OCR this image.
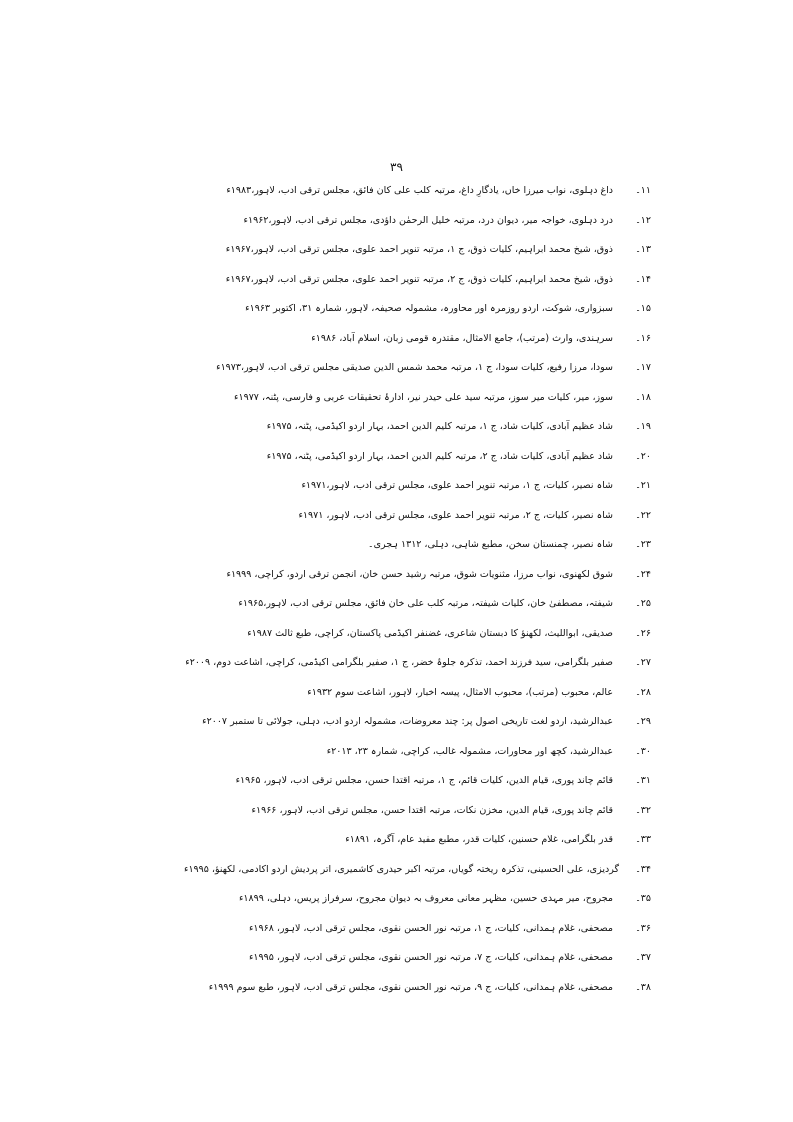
۳۹
۱۱۔
داغ دہلوی، نواب میرزا خاں، یادگارِ داغ، مرتبہ کلب علی کان فائق، مجلس ترقی ادب، لاہور،۱۹۸۳ء
۱۲۔
درد دہلوی، خواجہ میر، دیوان درد، مرتبہ خلیل الرحمٰن داؤدی، مجلس ترقی ادب، لاہور،۱۹۶۲ء
۱۳۔
ذوق، شیخ محمد ابراہیم، کلیات ذوق، ج ۱، مرتبہ تنویر احمد علوی، مجلس ترقی ادب، لاہور،۱۹۶۷ء
۱۴۔
ذوق، شیخ محمد ابراہیم، کلیات ذوق، ج ۲، مرتبہ تنویر احمد علوی، مجلس ترقی ادب، لاہور،۱۹۶۷ء
۱۵۔
سبزواری، شوکت، اردو روزمرہ اور محاورہ، مشمولہ صحیفہ، لاہور، شمارہ ۳۱، اکتوبر ۱۹۶۳ء
۱۶۔
سرہندی، وارث (مرتب)، جامع الامثال، مقتدرہ قومی زبان، اسلام آباد، ۱۹۸۶ء
۱۷۔
سودا، مرزا رفیع، کلیات سودا، ج ۱، مرتبہ محمد شمس الدین صدیقی مجلس ترقی ادب، لاہور،۱۹۷۳ء
۱۸۔
سوز، میر، کلیات میر سوز، مرتبہ سید علی حیدر نیر، ادارۂ تحقیقات عربی و فارسی، پٹنہ، ۱۹۷۷ء
۱۹۔
شاد عظیم آبادی، کلیات شاد، ج ۱، مرتبہ کلیم الدین احمد، بہار اردو اکیڈمی، پٹنہ، ۱۹۷۵ء
۲۰۔
شاد عظیم آبادی، کلیات شاد، ج ۲، مرتبہ کلیم الدین احمد، بہار اردو اکیڈمی، پٹنہ، ۱۹۷۵ء
۲۱۔
شاہ نصیر، کلیات، ج ۱، مرتبہ تنویر احمد علوی، مجلس ترقی ادب، لاہور،۱۹۷۱ء
۲۲۔
شاہ نصیر، کلیات، ج ۲، مرتبہ تنویر احمد علوی، مجلس ترقی ادب، لاہور، ۱۹۷۱ء
۲۳۔
شاہ نصیر، چمنستان سخن، مطبع شاہی، دہلی، ۱۳۱۲ ہجری۔
۲۴۔
شوق لکھنوی، نواب مرزا، مثنویات شوق، مرتبہ رشید حسن خان، انجمن ترقی اردو، کراچی، ۱۹۹۹ء
۲۵۔
شیفتہ، مصطفیٰ خان، کلیات شیفتہ، مرتبہ کلب علی خان فائق، مجلس ترقی ادب، لاہور،۱۹۶۵ء
۲۶۔
صدیقی، ابواللیث، لکھنؤ کا دبستان شاعری، غضنفر اکیڈمی پاکستان، کراچی، طبع ثالث ۱۹۸۷ء
۲۷۔
صفیر بلگرامی، سید فرزند احمد، تذکرہ جلوۂ خضر، ج ۱، صفیر بلگرامی اکیڈمی، کراچی، اشاعت دوم، ۲۰۰۹ء
۲۸۔
عالم، محبوب (مرتب)، محبوب الامثال، پیسہ اخبار، لاہور، اشاعت سوم ۱۹۳۲ء
۲۹۔
عبدالرشید، اردو لغت تاریخی اصول پر: چند معروضات، مشمولہ اردو ادب، دہلی، جولائی تا ستمبر ۲۰۰۷ء
۳۰۔
عبدالرشید، کچھ اور محاورات، مشمولہ غالب، کراچی، شمارہ ۲۳، ۲۰۱۳ء
۳۱۔
قائم چاند پوری، قیام الدین، کلیات قائم، ج ۱، مرتبہ اقتدا حسن، مجلس ترقی ادب، لاہور، ۱۹۶۵ء
۳۲۔
قائم چاند پوری، قیام الدین، مخزن نکات، مرتبہ اقتدا حسن، مجلس ترقی ادب، لاہور، ۱۹۶۶ء
۳۳۔
قدر بلگرامی، غلام حسنین، کلیات قدر، مطبع مفید عام، آگرہ، ۱۸۹۱ء
۳۴۔
گردیزی، علی الحسینی، تذکرہ ریختہ گویاں، مرتبہ اکبر حیدری کاشمیری، اتر پردیش اردو اکادمی، لکھنؤ، ۱۹۹۵ء
۳۵۔
مجروح، میر مہدی حسین، مظہر معانی معروف بہ دیوان مجروح، سرفراز پریس، دہلی، ۱۸۹۹ء
۳۶۔
مصحفی، غلام ہمدانی، کلیات، ج ۱، مرتبہ نور الحسن نقوی، مجلس ترقی ادب، لاہور، ۱۹۶۸ء
۳۷۔
مصحفی، غلام ہمدانی، کلیات، ج ۷، مرتبہ نور الحسن نقوی، مجلس ترقی ادب، لاہور، ۱۹۹۵ء
۳۸۔
مصحفی، غلام ہمدانی، کلیات، ج ۹، مرتبہ نور الحسن نقوی، مجلس ترقی ادب، لاہور، طبع سوم ۱۹۹۹ء
